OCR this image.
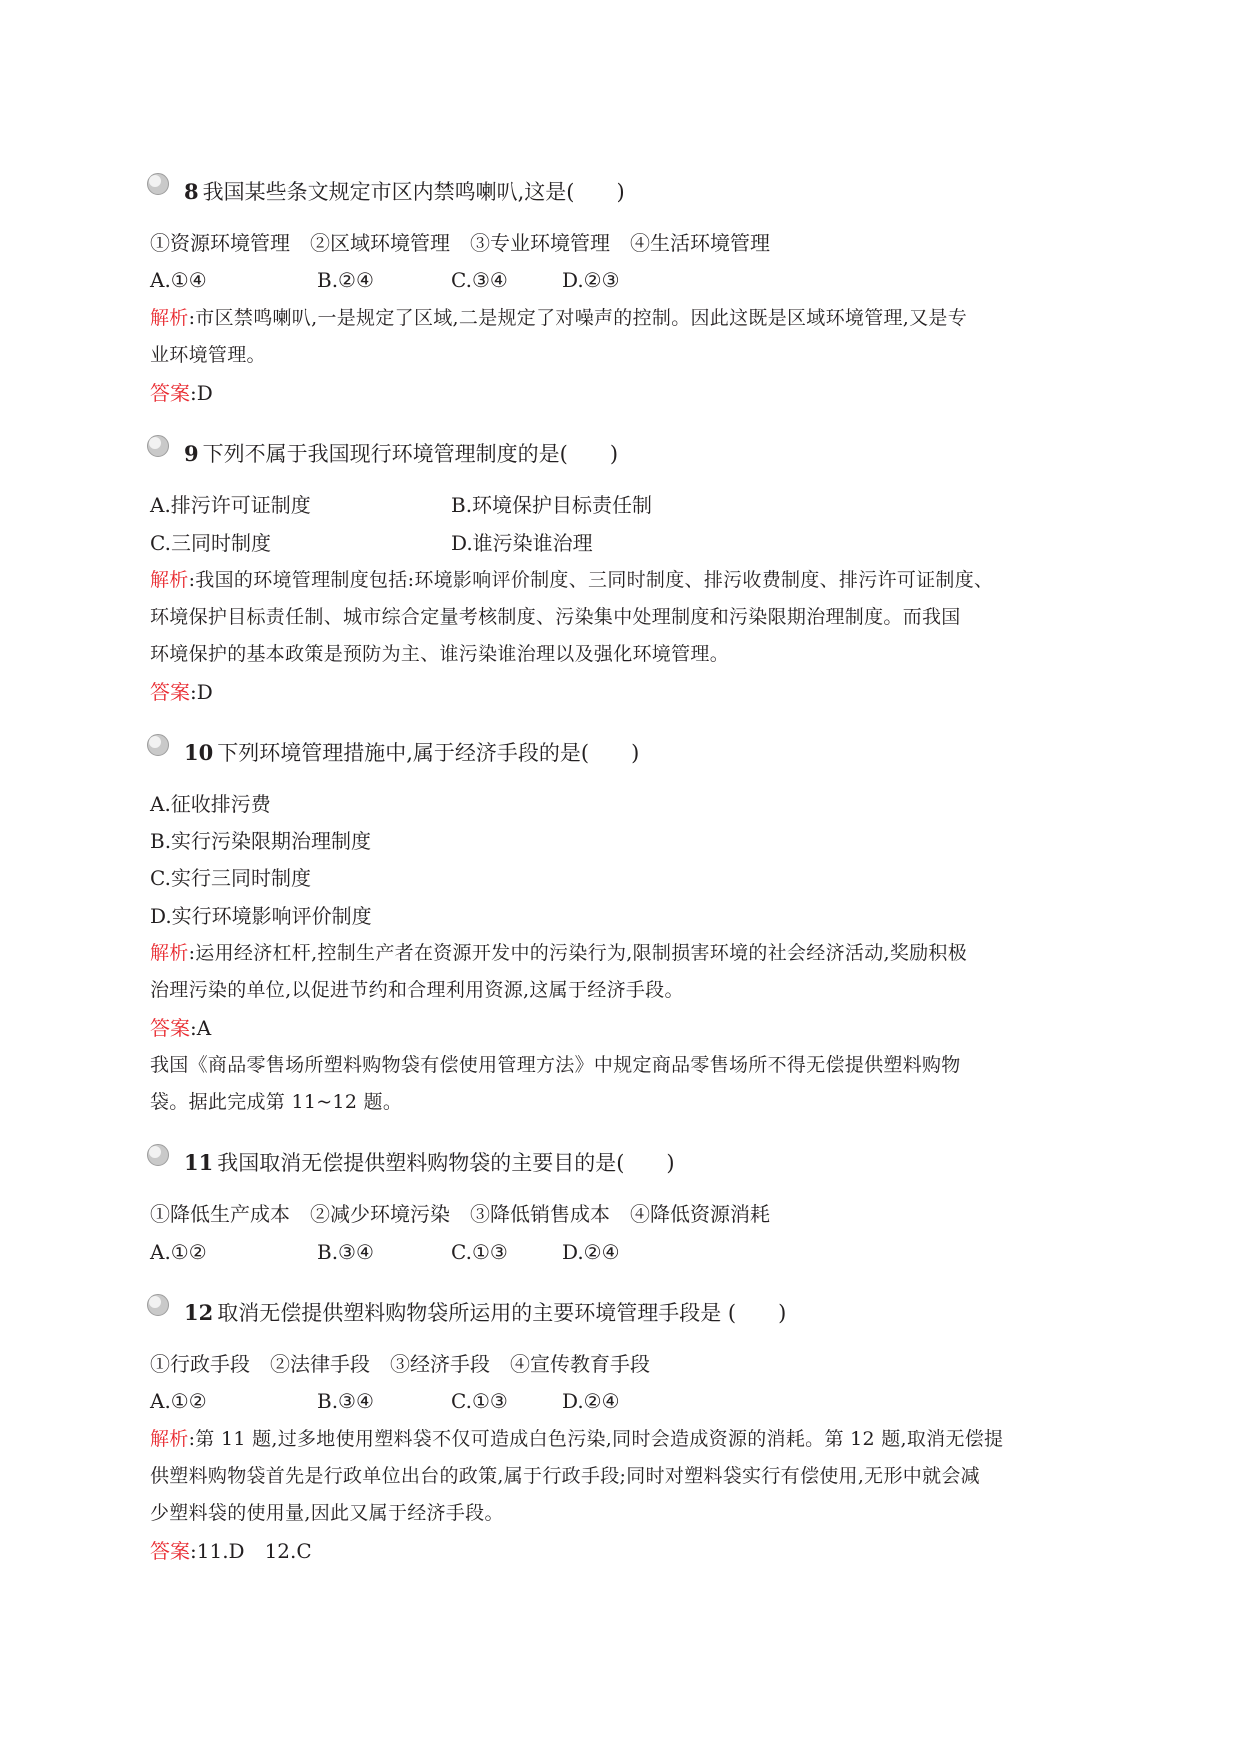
8 我国某些条文规定市区内禁鸣喇叭,这是(　　)
①资源环境管理　②区域环境管理　③专业环境管理　④生活环境管理
A.①④	B.②④	C.③④	D.②③
解析:市区禁鸣喇叭,一是规定了区域,二是规定了对噪声的控制。因此这既是区域环境管理,又是专
业环境管理。
答案:D
9 下列不属于我国现行环境管理制度的是(　　)
A.排污许可证制度	B.环境保护目标责任制
C.三同时制度	D.谁污染谁治理
解析:我国的环境管理制度包括:环境影响评价制度、三同时制度、排污收费制度、排污许可证制度、
环境保护目标责任制、城市综合定量考核制度、污染集中处理制度和污染限期治理制度。而我国
环境保护的基本政策是预防为主、谁污染谁治理以及强化环境管理。
答案:D
10 下列环境管理措施中,属于经济手段的是(　　)
A.征收排污费
B.实行污染限期治理制度
C.实行三同时制度
D.实行环境影响评价制度
解析:运用经济杠杆,控制生产者在资源开发中的污染行为,限制损害环境的社会经济活动,奖励积极
治理污染的单位,以促进节约和合理利用资源,这属于经济手段。
答案:A
我国《商品零售场所塑料购物袋有偿使用管理方法》中规定商品零售场所不得无偿提供塑料购物
袋。据此完成第 11~12 题。
11 我国取消无偿提供塑料购物袋的主要目的是(　　)
①降低生产成本　②减少环境污染　③降低销售成本　④降低资源消耗
A.①②	B.③④	C.①③	D.②④
12 取消无偿提供塑料购物袋所运用的主要环境管理手段是 (　　)
①行政手段　②法律手段　③经济手段　④宣传教育手段
A.①②	B.③④	C.①③	D.②④
解析:第 11 题,过多地使用塑料袋不仅可造成白色污染,同时会造成资源的消耗。第 12 题,取消无偿提
供塑料购物袋首先是行政单位出台的政策,属于行政手段;同时对塑料袋实行有偿使用,无形中就会减
少塑料袋的使用量,因此又属于经济手段。
答案:11.D　12.C
